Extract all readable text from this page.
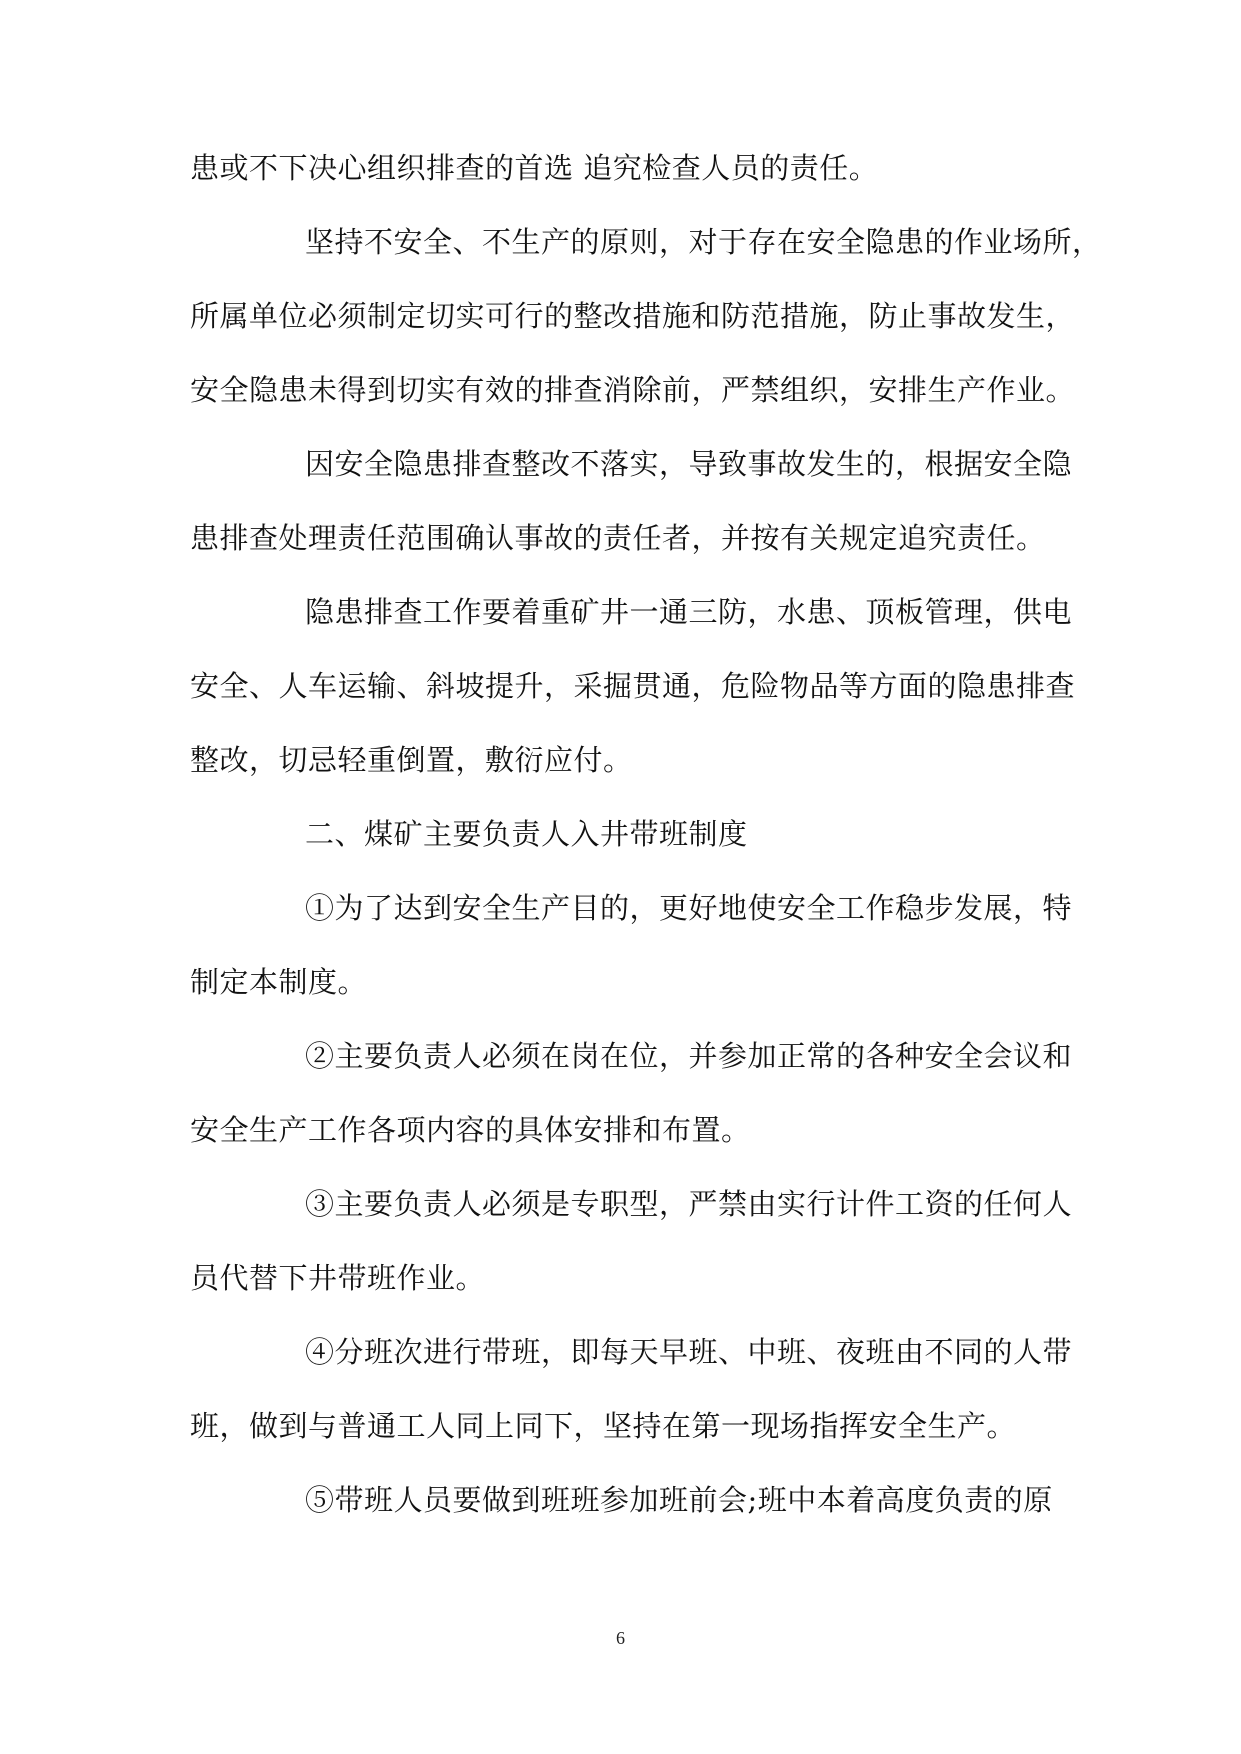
患或不下决心组织排查的首选 追究检查人员的责任。
坚持不安全、不生产的原则，对于存在安全隐患的作业场所，
所属单位必须制定切实可行的整改措施和防范措施，防止事故发生，
安全隐患未得到切实有效的排查消除前，严禁组织，安排生产作业。
因安全隐患排查整改不落实，导致事故发生的，根据安全隐
患排查处理责任范围确认事故的责任者，并按有关规定追究责任。
隐患排查工作要着重矿井一通三防，水患、顶板管理，供电
安全、人车运输、斜坡提升，采掘贯通，危险物品等方面的隐患排查
整改，切忌轻重倒置，敷衍应付。
二、煤矿主要负责人入井带班制度
①为了达到安全生产目的，更好地使安全工作稳步发展，特
制定本制度。
②主要负责人必须在岗在位，并参加正常的各种安全会议和
安全生产工作各项内容的具体安排和布置。
③主要负责人必须是专职型，严禁由实行计件工资的任何人
员代替下井带班作业。
④分班次进行带班，即每天早班、中班、夜班由不同的人带
班，做到与普通工人同上同下，坚持在第一现场指挥安全生产。
⑤带班人员要做到班班参加班前会;班中本着高度负责的原
6
